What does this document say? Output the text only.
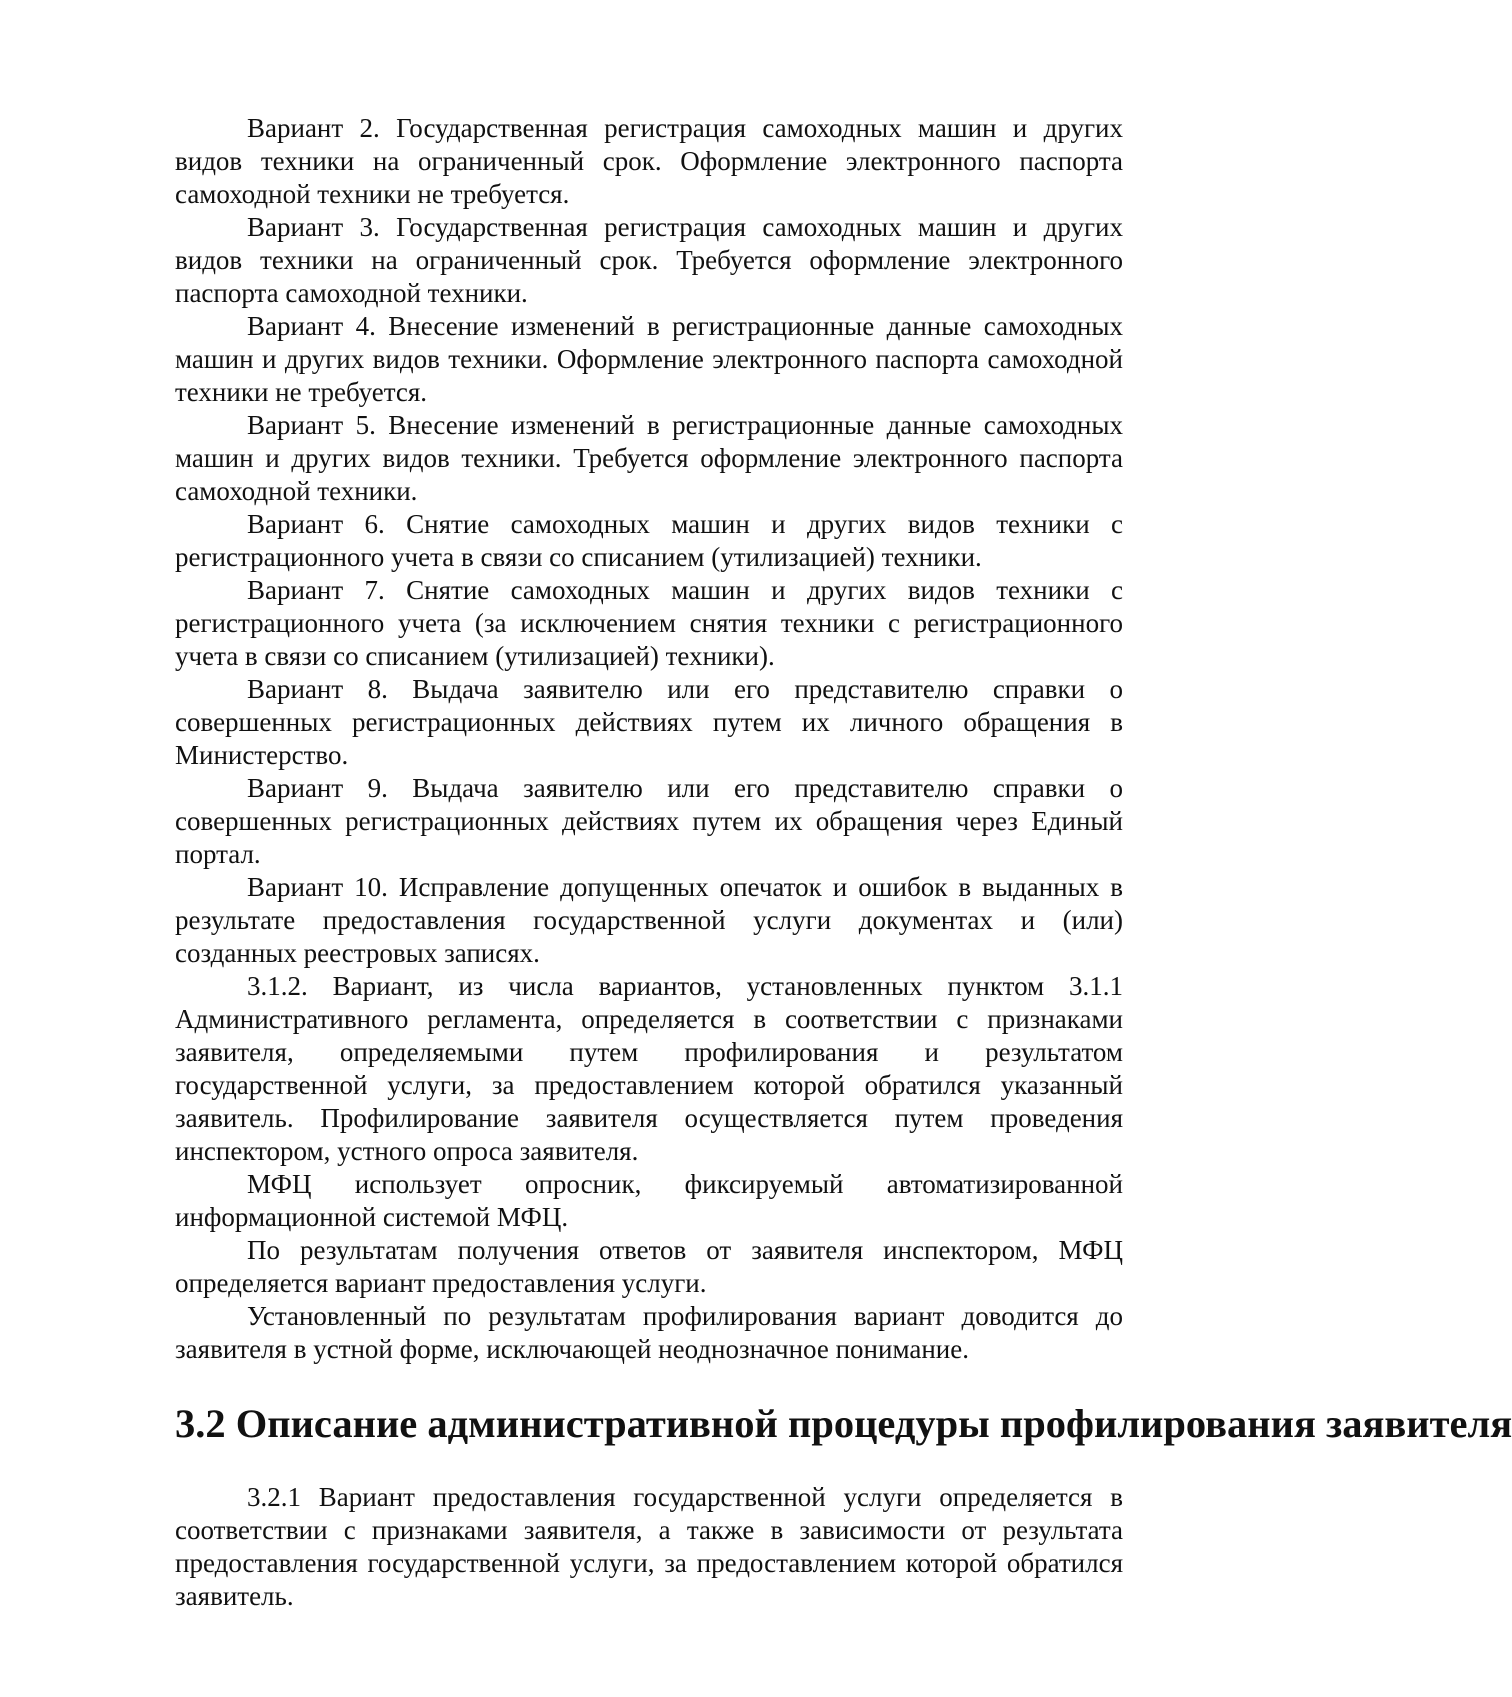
Вариант 2. Государственная регистрация самоходных машин и других видов техники на ограниченный срок. Оформление электронного паспорта самоходной техники не требуется.

Вариант 3. Государственная регистрация самоходных машин и других видов техники на ограниченный срок. Требуется оформление электронного паспорта самоходной техники.

Вариант 4. Внесение изменений в регистрационные данные самоходных машин и других видов техники. Оформление электронного паспорта самоходной техники не требуется.

Вариант 5. Внесение изменений в регистрационные данные самоходных машин и других видов техники. Требуется оформление электронного паспорта самоходной техники.

Вариант 6. Снятие самоходных машин и других видов техники с регистрационного учета в связи со списанием (утилизацией) техники.

Вариант 7. Снятие самоходных машин и других видов техники с регистрационного учета (за исключением снятия техники с регистрационного учета в связи со списанием (утилизацией) техники).

Вариант 8. Выдача заявителю или его представителю справки о совершенных регистрационных действиях путем их личного обращения в Министерство.

Вариант 9. Выдача заявителю или его представителю справки о совершенных регистрационных действиях путем их обращения через Единый портал.

Вариант 10. Исправление допущенных опечаток и ошибок в выданных в результате предоставления государственной услуги документах и (или) созданных реестровых записях.

3.1.2. Вариант, из числа вариантов, установленных пунктом 3.1.1 Административного регламента, определяется в соответствии с признаками заявителя, определяемыми путем профилирования и результатом государственной услуги, за предоставлением которой обратился указанный заявитель. Профилирование заявителя осуществляется путем проведения инспектором, устного опроса заявителя.

МФЦ использует опросник, фиксируемый автоматизированной информационной системой МФЦ.

По результатам получения ответов от заявителя инспектором, МФЦ определяется вариант предоставления услуги.

Установленный по результатам профилирования вариант доводится до заявителя в устной форме, исключающей неоднозначное понимание.

3.2 Описание административной процедуры профилирования заявителя

3.2.1 Вариант предоставления государственной услуги определяется в соответствии с признаками заявителя, а также в зависимости от результата предоставления государственной услуги, за предоставлением которой обратился заявитель.
